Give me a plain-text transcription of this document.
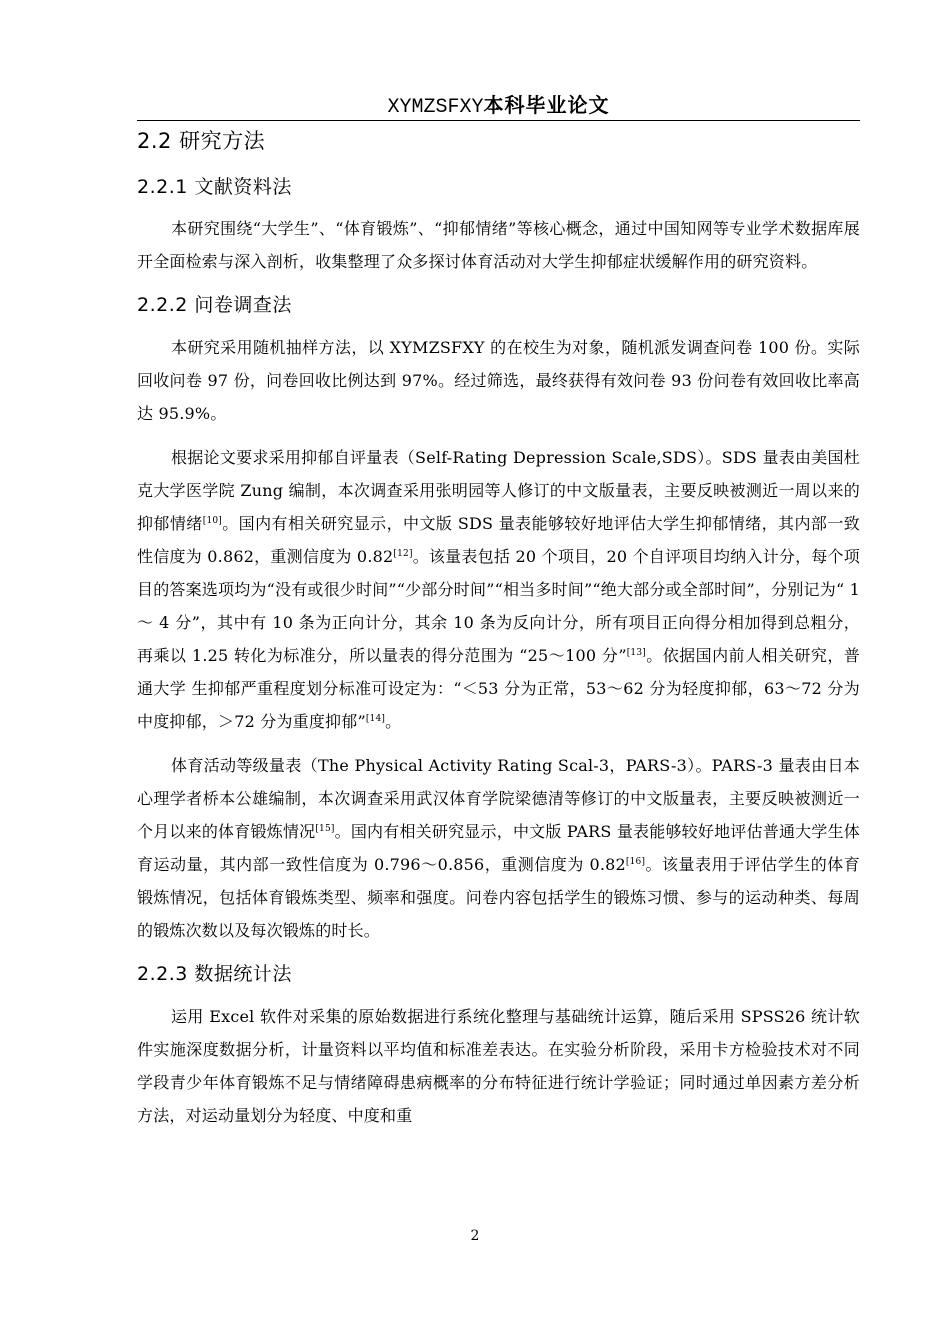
XYMZSFXY本科毕业论文
2.2 研究方法
2.2.1 文献资料法

本研究围绕“大学生”、“体育锻炼”、“抑郁情绪”等核心概念，通过中国知网等专业学术数据库展开全面检索与深入剖析，收集整理了众多探讨体育活动对大学生抑郁症状缓解作用的研究资料。

2.2.2 问卷调查法

本研究采用随机抽样方法，以 XYMZSFXY 的在校生为对象，随机派发调查问卷 100 份。实际回收问卷 97 份，问卷回收比例达到 97%。经过筛选，最终获得有效问卷 93 份问卷有效回收比率高达 95.9%。

根据论文要求采用抑郁自评量表（Self-Rating Depression Scale,SDS）。SDS 量表由美国杜克大学医学院 Zung 编制，本次调查采用张明园等人修订的中文版量表，主要反映被测近一周以来的抑郁情绪[10]。国内有相关研究显示，中文版 SDS 量表能够较好地评估大学生抑郁情绪，其内部一致性信度为 0.862，重测信度为 0.82[12]。该量表包括 20 个项目，20 个自评项目均纳入计分，每个项目的答案选项均为“没有或很少时间”“少部分时间”“相当多时间”“绝大部分或全部时间”，分别记为“ 1 ～ 4 分”，其中有 10 条为正向计分，其余 10 条为反向计分，所有项目正向得分相加得到总粗分， 再乘以 1.25 转化为标准分，所以量表的得分范围为 “25～100 分”[13]。依据国内前人相关研究，普通大学 生抑郁严重程度划分标准可设定为：“＜53 分为正常，53～62 分为轻度抑郁，63～72 分为中度抑郁，＞72 分为重度抑郁”[14]。

体育活动等级量表（The Physical Activity Rating Scal-3，PARS-3）。PARS-3 量表由日本心理学者桥本公雄编制，本次调查采用武汉体育学院梁德清等修订的中文版量表，主要反映被测近一个月以来的体育锻炼情况[15]。国内有相关研究显示，中文版 PARS 量表能够较好地评估普通大学生体育运动量，其内部一致性信度为 0.796～0.856，重测信度为 0.82[16]。该量表用于评估学生的体育锻炼情况，包括体育锻炼类型、频率和强度。问卷内容包括学生的锻炼习惯、参与的运动种类、每周的锻炼次数以及每次锻炼的时长。

2.2.3 数据统计法

运用 Excel 软件对采集的原始数据进行系统化整理与基础统计运算，随后采用 SPSS26 统计软件实施深度数据分析，计量资料以平均值和标准差表达。在实验分析阶段，采用卡方检验技术对不同学段青少年体育锻炼不足与情绪障碍患病概率的分布特征进行统计学验证；同时通过单因素方差分析方法，对运动量划分为轻度、中度和重

2
